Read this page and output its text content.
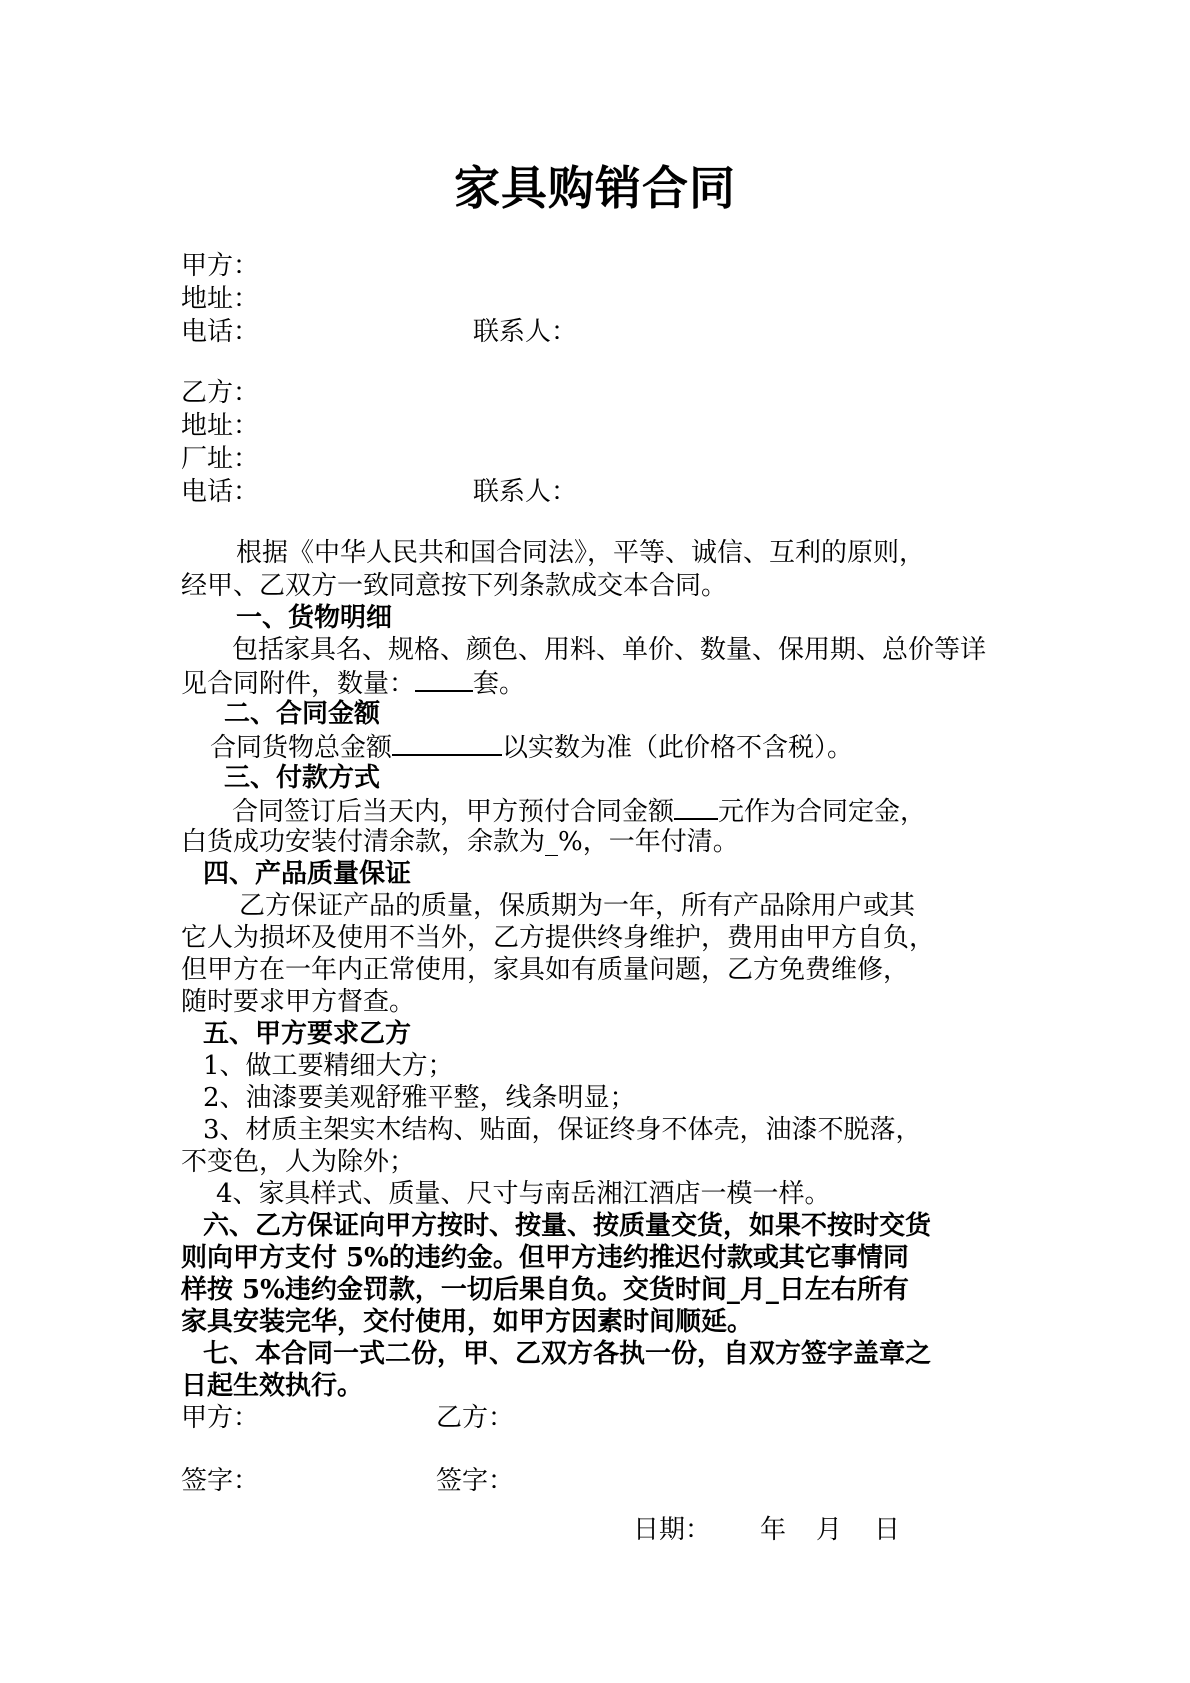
家具购销合同
甲方：
地址：
电话：	联系人：
乙方：
地址：
厂址：
电话：	联系人：
根据《中华人民共和国合同法》，平等、诚信、互利的原则，
经甲、乙双方一致同意按下列条款成交本合同。
一、货物明细
包括家具名、规格、颜色、用料、单价、数量、保用期、总价等详
见合同附件，数量： 套。
二、合同金额
合同货物总金额	以实数为准（此价格不含税）。
三、付款方式
合同签订后当天内，甲方预付合同金额 元作为合同定金，
白货成功安装付清余款，余款为_%，一年付清。
四、产品质量保证
乙方保证产品的质量，保质期为一年，所有产品除用户或其
它人为损坏及使用不当外，乙方提供终身维护，费用由甲方自负，
但甲方在一年内正常使用，家具如有质量问题，乙方免费维修，
随时要求甲方督查。
五、甲方要求乙方
1、做工要精细大方；
2、油漆要美观舒雅平整，线条明显；
3、材质主架实木结构、贴面，保证终身不体壳，油漆不脱落，
不变色，人为除外；
4、家具样式、质量、尺寸与南岳湘江酒店一模一样。
六、乙方保证向甲方按时、按量、按质量交货，如果不按时交货
则向甲方支付 5%的违约金。但甲方违约推迟付款或其它事情同
样按 5%违约金罚款，一切后果自负。交货时间_月_日左右所有
家具安装完华，交付使用，如甲方因素时间顺延。
七、本合同一式二份，甲、乙双方各执一份，自双方签字盖章之
日起生效执行。
甲方：	乙方：
签字：	签字：
日期： 年 月 日
